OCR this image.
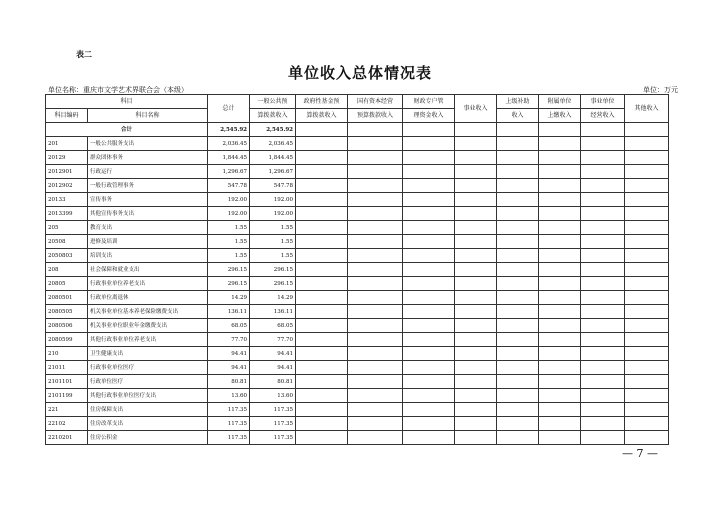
表二
单位收入总体情况表
单位名称：重庆市文学艺术界联合会（本级）	单位：万元
科目		总计	一般公共预	政府性基金预	国有资本经营	财政专户管	事业收入	上级补助	附属单位	事业单位	其他收入
科目编码	科目名称		算拨款收入	算拨款收入	预算拨款收入	理资金收入		收入	上缴收入	经营收入	
合计		2,545.92	2,545.92								
201	一般公共服务支出	2,036.45	2,036.45								
20129	群众团体事务	1,844.45	1,844.45								
2012901	行政运行	1,296.67	1,296.67								
2012902	一般行政管理事务	547.78	547.78								
20133	宣传事务	192.00	192.00								
2013399	其他宣传事务支出	192.00	192.00								
205	教育支出	1.55	1.55								
20508	进修及培训	1.55	1.55								
2050803	培训支出	1.55	1.55								
208	社会保障和就业支出	296.15	296.15								
20805	行政事业单位养老支出	296.15	296.15								
2080501	行政单位离退休	14.29	14.29								
2080505	机关事业单位基本养老保险缴费支出	136.11	136.11								
2080506	机关事业单位职业年金缴费支出	68.05	68.05								
2080599	其他行政事业单位养老支出	77.70	77.70								
210	卫生健康支出	94.41	94.41								
21011	行政事业单位医疗	94.41	94.41								
2101101	行政单位医疗	80.81	80.81								
2101199	其他行政事业单位医疗支出	13.60	13.60								
221	住房保障支出	117.35	117.35								
22102	住房改革支出	117.35	117.35								
2210201	住房公积金	117.35	117.35								
— 7 —
